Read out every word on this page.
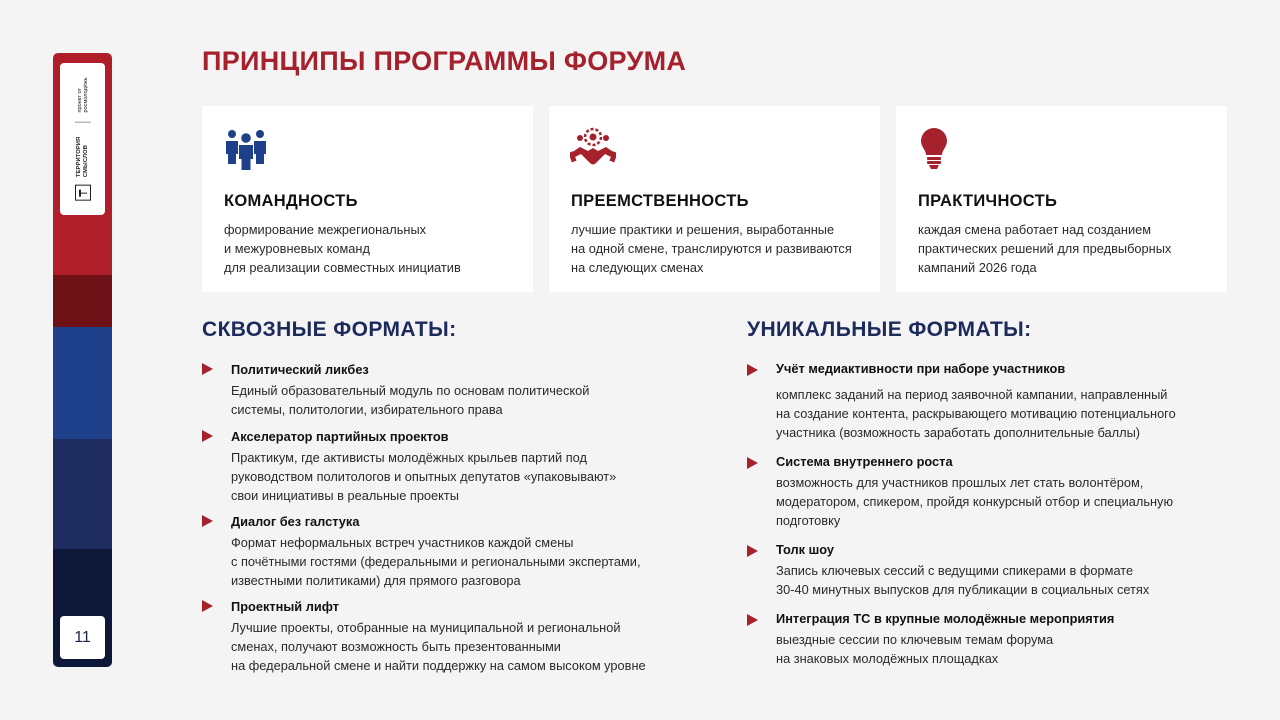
ТЕРРИТОРИЯ
СМЫСЛОВ  проект от
росмолодёжь
11
ПРИНЦИПЫ ПРОГРАММЫ ФОРУМА
КОМАНДНОСТЬ
формирование межрегиональных
и межуровневых команд
для реализации совместных инициатив
ПРЕЕМСТВЕННОСТЬ
лучшие практики и решения, выработанные
на одной смене, транслируются и развиваются
на следующих сменах
ПРАКТИЧНОСТЬ
каждая смена работает над созданием
практических решений для предвыборных
кампаний 2026 года
СКВОЗНЫЕ ФОРМАТЫ:
Политический ликбез
Единый образовательный модуль по основам политической
системы, политологии, избирательного права
Акселератор партийных проектов
Практикум, где активисты молодёжных крыльев партий под
руководством политологов и опытных депутатов «упаковывают»
свои инициативы в реальные проекты
Диалог без галстука
Формат неформальных встреч участников каждой смены
с почётными гостями (федеральными и региональными экспертами,
известными политиками) для прямого разговора
Проектный лифт
Лучшие проекты, отобранные на муниципальной и региональной
сменах, получают возможность быть презентованными
на федеральной смене и найти поддержку на самом высоком уровне
УНИКАЛЬНЫЕ ФОРМАТЫ:
Учёт медиактивности при наборе участников
комплекс заданий на период заявочной кампании, направленный
на создание контента, раскрывающего мотивацию потенциального
участника (возможность заработать дополнительные баллы)
Система внутреннего роста
возможность для участников прошлых лет стать волонтёром,
модератором, спикером, пройдя конкурсный отбор и специальную
подготовку
Толк шоу
Запись ключевых сессий с ведущими спикерами в формате
30-40 минутных выпусков для публикации в социальных сетях
Интеграция ТС в крупные молодёжные мероприятия
выездные сессии по ключевым темам форума
на знаковых молодёжных площадках
